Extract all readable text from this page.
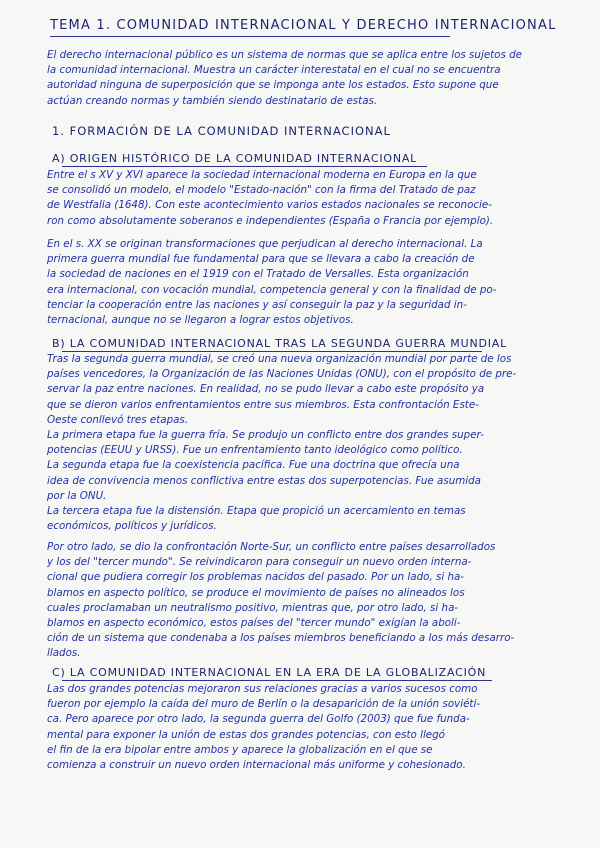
TEMA 1. COMUNIDAD INTERNACIONAL Y DERECHO INTERNACIONAL
El derecho internacional público es un sistema de normas que se aplica entre los sujetos de
la comunidad internacional. Muestra un carácter interestatal en el cual no se encuentra
autoridad ninguna de superposición que se imponga ante los estados. Esto supone que
actúan creando normas y también siendo destinatario de estas.
1. FORMACIÓN DE LA COMUNIDAD INTERNACIONAL
A) ORIGEN HISTÓRICO DE LA COMUNIDAD INTERNACIONAL
Entre el s XV y XVI aparece la sociedad internacional moderna en Europa en la que
se consolidó un modelo, el modelo "Estado-nación" con la firma del Tratado de paz
de Westfalia (1648). Con este acontecimiento varios estados nacionales se reconocie-
ron como absolutamente soberanos e independientes (España o Francia por ejemplo).
En el s. XX se originan transformaciones que perjudican al derecho internacional. La
primera guerra mundial fue fundamental para que se llevara a cabo la creación de
la sociedad de naciones en el 1919 con el Tratado de Versalles. Esta organización
era internacional, con vocación mundial, competencia general y con la finalidad de po-
tenciar la cooperación entre las naciones y así conseguir la paz y la seguridad in-
ternacional, aunque no se llegaron a lograr estos objetivos.
B) LA COMUNIDAD INTERNACIONAL TRAS LA SEGUNDA GUERRA MUNDIAL
Tras la segunda guerra mundial, se creó una nueva organización mundial por parte de los
países vencedores, la Organización de las Naciones Unidas (ONU), con el propósito de pre-
servar la paz entre naciones. En realidad, no se pudo llevar a cabo este propósito ya
que se dieron varios enfrentamientos entre sus miembros. Esta confrontación Este-
Oeste conllevó tres etapas.
La primera etapa fue la guerra fría. Se produjo un conflicto entre dos grandes super-
potencias (EEUU y URSS). Fue un enfrentamiento tanto ideológico como político.
La segunda etapa fue la coexistencia pacífica. Fue una doctrina que ofrecía una
idea de convivencia menos conflictiva entre estas dos superpotencias. Fue asumida
por la ONU.
La tercera etapa fue la distensión. Etapa que propició un acercamiento en temas
económicos, políticos y jurídicos.
Por otro lado, se dio la confrontación Norte-Sur, un conflicto entre países desarrollados
y los del "tercer mundo". Se reivindicaron para conseguir un nuevo orden interna-
cional que pudiera corregir los problemas nacidos del pasado. Por un lado, si ha-
blamos en aspecto político, se produce el movimiento de países no alineados los
cuales proclamaban un neutralismo positivo, mientras que, por otro lado, si ha-
blamos en aspecto económico, estos países del "tercer mundo" exigían la aboli-
ción de un sistema que condenaba a los países miembros beneficiando a los más desarro-
llados.
C) LA COMUNIDAD INTERNACIONAL EN LA ERA DE LA GLOBALIZACIÓN
Las dos grandes potencias mejoraron sus relaciones gracias a varios sucesos como
fueron por ejemplo la caída del muro de Berlín o la desaparición de la unión soviéti-
ca. Pero aparece por otro lado, la segunda guerra del Golfo (2003) que fue funda-
mental para exponer la unión de estas dos grandes potencias, con esto llegó
el fin de la era bipolar entre ambos y aparece la globalización en el que se
comienza a construir un nuevo orden internacional más uniforme y cohesionado.
